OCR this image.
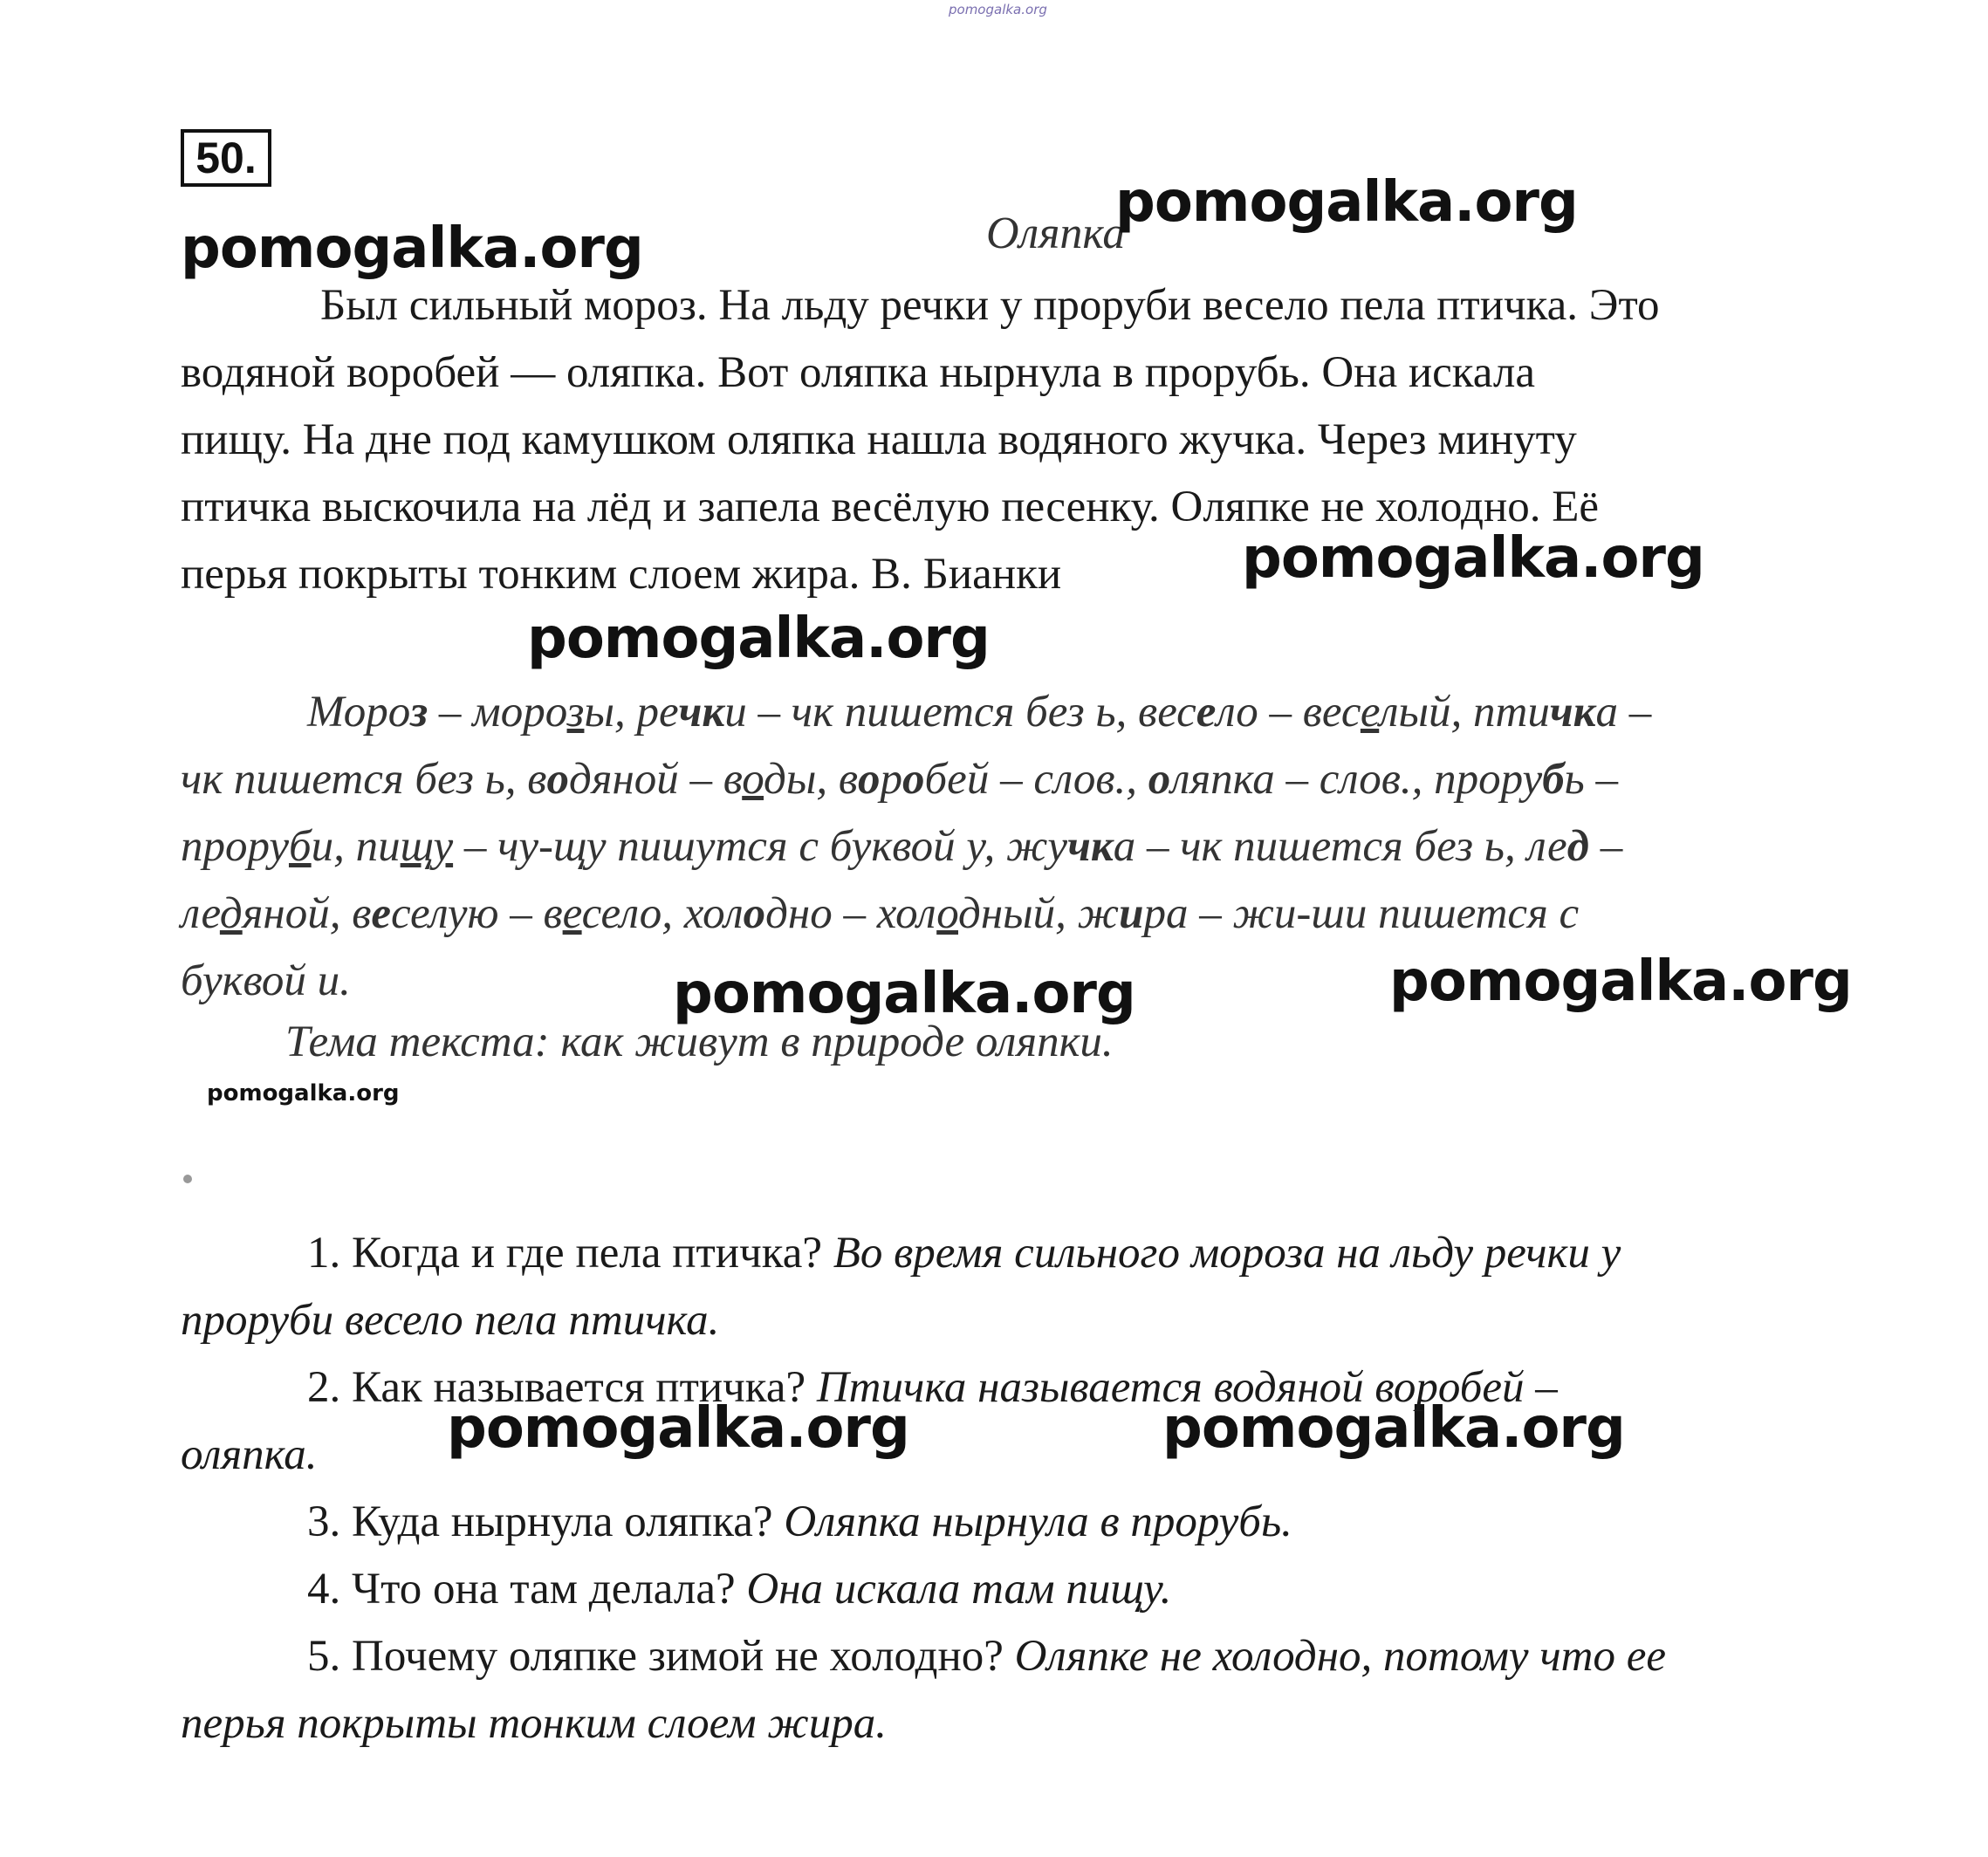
pomogalka.org
50.
Оляпка
pomogalka.org
pomogalka.org
pomogalka.org
pomogalka.org
pomogalka.org	pomogalka.org
pomogalka.org
pomogalka.org	pomogalka.org
Был сильный мороз. На льду речки у проруби весело пела птичка. Это
водяной воробей — оляпка. Вот оляпка нырнула в прорубь. Она искала
пищу. На дне под камушком оляпка нашла водяного жучка. Через минуту
птичка выскочила на лёд и запела весёлую песенку. Оляпке не холодно. Её
перья покрыты тонким слоем жира. В. Бианки
Мороз – морозы, речки – чк пишется без ь, весело – веселый, птичка –
чк пишется без ь, водяной – воды, воробей – слов., оляпка – слов., прорубь –
проруби, пищу – чу-щу пишутся с буквой у, жучка – чк пишется без ь, лед –
ледяной, веселую – весело, холодно – холодный, жира – жи-ши пишется с
буквой и.
Тема текста: как живут в природе оляпки.

1. Когда и где пела птичка? Во время сильного мороза на льду речки у

проруби весело пела птичка.

2. Как называется птичка? Птичка называется водяной воробей –

оляпка.

3. Куда нырнула оляпка? Оляпка нырнула в прорубь.

4. Что она там делала? Она искала там пищу.

5. Почему оляпке зимой не холодно? Оляпке не холодно, потому что ее

перья покрыты тонким слоем жира.
